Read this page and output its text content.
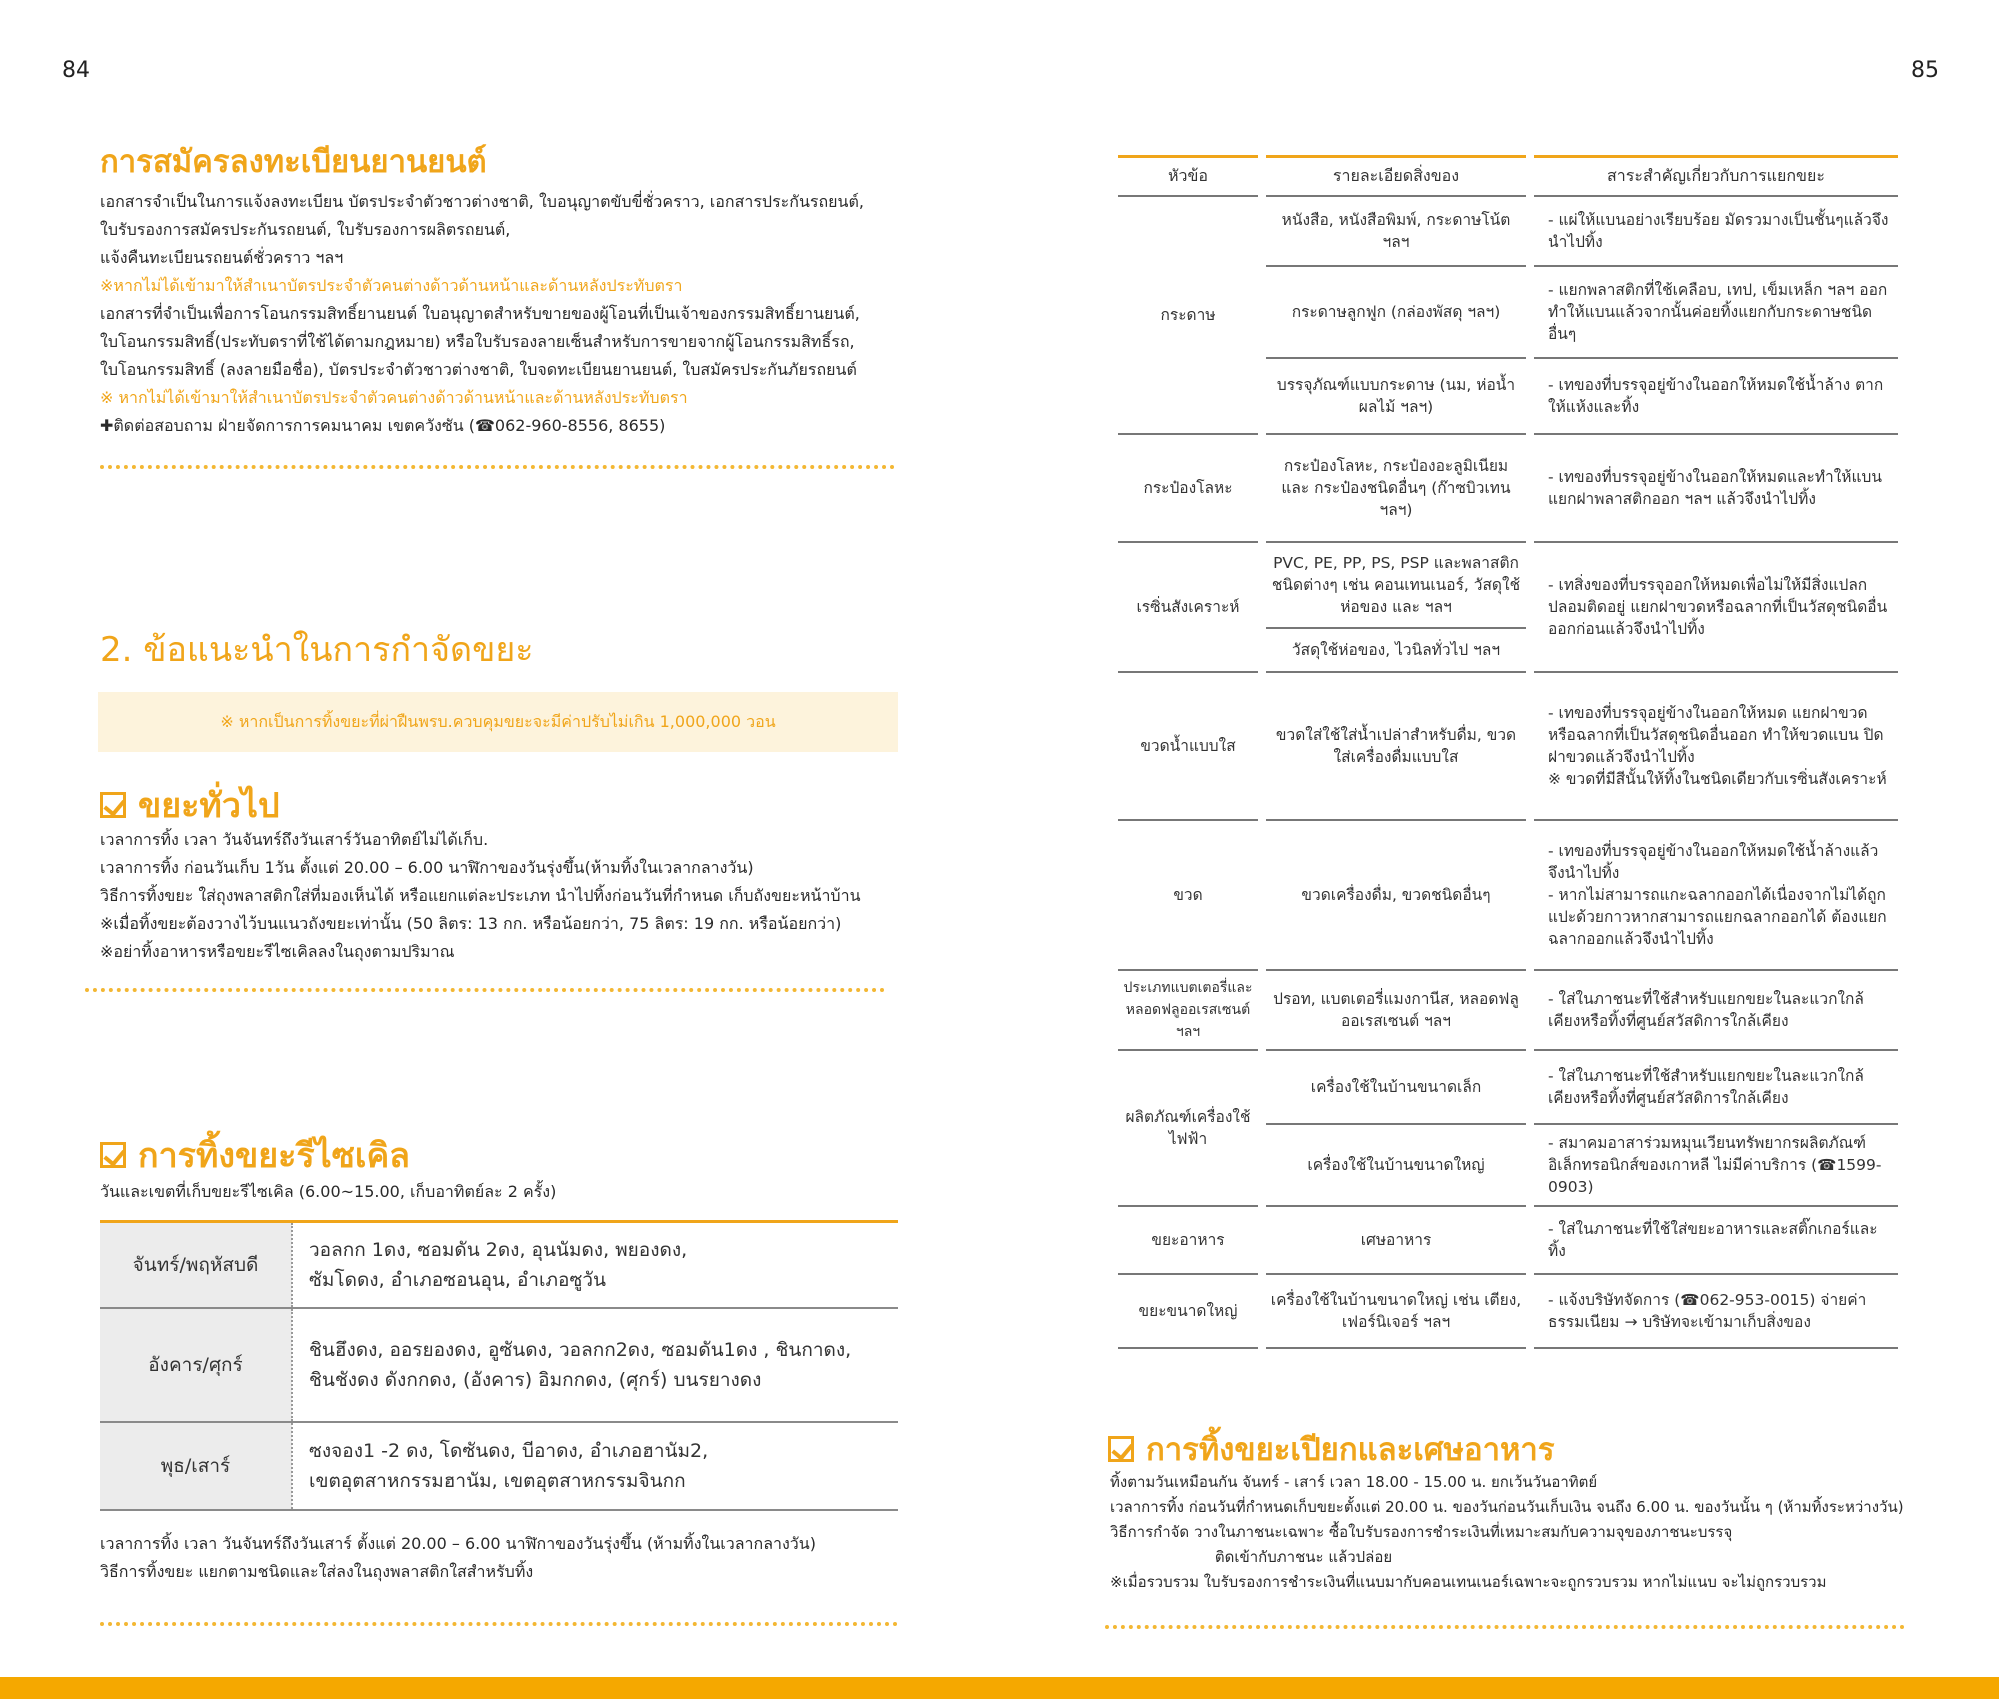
84	85
การสมัครลงทะเบียนยานยนต์
เอกสารจำเป็นในการแจ้งลงทะเบียน บัตรประจำตัวชาวต่างชาติ, ใบอนุญาตขับขี่ชั่วคราว, เอกสารประกันรถยนต์,
ใบรับรองการสมัครประกันรถยนต์, ใบรับรองการผลิตรถยนต์,
แจ้งคืนทะเบียนรถยนต์ชั่วคราว ฯลฯ
※หากไม่ได้เข้ามาให้สำเนาบัตรประจำตัวคนต่างด้าวด้านหน้าและด้านหลังประทับตรา
เอกสารที่จำเป็นเพื่อการโอนกรรมสิทธิ์ยานยนต์ ใบอนุญาตสำหรับขายของผู้โอนที่เป็นเจ้าของกรรมสิทธิ์ยานยนต์,
ใบโอนกรรมสิทธิ์(ประทับตราที่ใช้ได้ตามกฎหมาย) หรือใบรับรองลายเซ็นสำหรับการขายจากผู้โอนกรรมสิทธิ์รถ,
ใบโอนกรรมสิทธิ์ (ลงลายมือชื่อ), บัตรประจำตัวชาวต่างชาติ, ใบจดทะเบียนยานยนต์, ใบสมัครประกันภัยรถยนต์
※ หากไม่ได้เข้ามาให้สำเนาบัตรประจำตัวคนต่างด้าวด้านหน้าและด้านหลังประทับตรา
✚ติดต่อสอบถาม ฝ่ายจัดการการคมนาคม เขตควังซัน (☎062-960-8556, 8655)
2. ข้อแนะนำในการกำจัดขยะ
※ หากเป็นการทิ้งขยะที่ผ่าฝืนพรบ.ควบคุมขยะจะมีค่าปรับไม่เกิน 1,000,000 วอน
ขยะทั่วไป
เวลาการทิ้ง เวลา วันจันทร์ถึงวันเสาร์วันอาทิตย์ไม่ได้เก็บ.
เวลาการทิ้ง ก่อนวันเก็บ 1วัน ตั้งแต่ 20.00 – 6.00 นาฬิกาของวันรุ่งขึ้น(ห้ามทิ้งในเวลากลางวัน)
วิธีการทิ้งขยะ ใส่ถุงพลาสติกใส่ที่มองเห็นได้ หรือแยกแต่ละประเภท นำไปทิ้งก่อนวันที่กำหนด เก็บถังขยะหน้าบ้าน
※เมื่อทิ้งขยะต้องวางไว้บนแนวถังขยะเท่านั้น (50 ลิตร: 13 กก. หรือน้อยกว่า, 75 ลิตร: 19 กก. หรือน้อยกว่า)
※อย่าทิ้งอาหารหรือขยะรีไซเคิลลงในถุงตามปริมาณ
การทิ้งขยะรีไซเคิล
วันและเขตที่เก็บขยะรีไซเคิล (6.00~15.00, เก็บอาทิตย์ละ 2 ครั้ง)
จันทร์/พฤหัสบดี	วอลกก 1ดง, ซอมดัน 2ดง, อุนนัมดง, พยองดง,
ซัมโดดง, อำเภอซอนอุน, อำเภอซูวัน

อังคาร/ศุกร์	ชินฮึงดง, ออรยองดง, อูซันดง, วอลกก2ดง, ซอมดัน1ดง , ชินกาดง,
ชินชังดง ดังกกดง, (อังคาร) อิมกกดง, (ศุกร์) บนรยางดง

พุธ/เสาร์	ซงจอง1 -2 ดง, โดซันดง, บีอาดง, อำเภอฮานัม2,
เขตอุตสาหกรรมฮานัม, เขตอุตสาหกรรมจินกก
เวลาการทิ้ง เวลา วันจันทร์ถึงวันเสาร์ ตั้งแต่ 20.00 – 6.00 นาฬิกาของวันรุ่งขึ้น (ห้ามทิ้งในเวลากลางวัน)
วิธีการทิ้งขยะ แยกตามชนิดและใส่ลงในถุงพลาสติกใสสำหรับทิ้ง
หัวข้อ	รายละเอียดสิ่งของ	สาระสำคัญเกี่ยวกับการแยกขยะ
กระดาษ	หนังสือ, หนังสือพิมพ์, กระดาษโน้ต ฯลฯ	- แผ่ให้แบนอย่างเรียบร้อย มัดรวมางเป็นชั้นๆแล้วจึงนำไปทิ้ง
	กระดาษลูกฟูก (กล่องพัสดุ ฯลฯ)	- แยกพลาสติกที่ใช้เคลือบ, เทป, เข็มเหล็ก ฯลฯ ออกทำให้แบนแล้วจากนั้นค่อยทิ้งแยกกับกระดาษชนิดอื่นๆ
	บรรจุภัณฑ์แบบกระดาษ (นม, ห่อน้ำผลไม้ ฯลฯ)	- เทของที่บรรจุอยู่ข้างในออกให้หมดใช้น้ำล้าง ตากให้แห้งและทิ้ง
กระป๋องโลหะ	กระป๋องโลหะ, กระป๋องอะลูมิเนียม และ กระป๋องชนิดอื่นๆ (ก๊าซบิวเทน ฯลฯ)	- เทของที่บรรจุอยู่ข้างในออกให้หมดและทำให้แบน แยกฝาพลาสติกออก ฯลฯ แล้วจึงนำไปทิ้ง
เรซิ่นสังเคราะห์	PVC, PE, PP, PS, PSP และพลาสติก ชนิดต่างๆ เช่น คอนเทนเนอร์, วัสดุใช้ห่อของ และ ฯลฯ	- เทสิ่งของที่บรรจุออกให้หมดเพื่อไม่ให้มีสิ่งแปลกปลอมติดอยู่ แยกฝาขวดหรือฉลากที่เป็นวัสดุชนิดอื่นออกก่อนแล้วจึงนำไปทิ้ง
	วัสดุใช้ห่อของ, ไวนิลทั่วไป ฯลฯ	
ขวดน้ำแบบใส	ขวดใส่ใช้ใส่น้ำเปล่าสำหรับดื่ม, ขวดใส่เครื่องดื่มแบบใส	- เทของที่บรรจุอยู่ข้างในออกให้หมด แยกฝาขวดหรือฉลากที่เป็นวัสดุชนิดอื่นออก ทำให้ขวดแบน ปิดฝาขวดแล้วจึงนำไปทิ้ง
※ ขวดที่มีสีนั้นให้ทิ้งในชนิดเดียวกับเรซิ่นสังเคราะห์

ขวด	ขวดเครื่องดื่ม, ขวดชนิดอื่นๆ	- เทของที่บรรจุอยู่ข้างในออกให้หมดใช้น้ำล้างแล้วจึงนำไปทิ้ง
- หากไม่สามารถแกะฉลากออกได้เนื่องจากไม่ได้ถูกแปะด้วยกาวหากสามารถแยกฉลากออกได้ ต้องแยกฉลากออกแล้วจึงนำไปทิ้ง

ประเภทแบตเตอรี่และหลอดฟลูออเรสเซนต์ ฯลฯ	ปรอท, แบตเตอรี่แมงกานีส, หลอดฟลูออเรสเซนต์ ฯลฯ	- ใส่ในภาชนะที่ใช้สำหรับแยกขยะในละแวกใกล้เคียงหรือทิ้งที่ศูนย์สวัสดิการใกล้เคียง
ผลิตภัณฑ์เครื่องใช้ไฟฟ้า	เครื่องใช้ในบ้านขนาดเล็ก	- ใส่ในภาชนะที่ใช้สำหรับแยกขยะในละแวกใกล้เคียงหรือทิ้งที่ศูนย์สวัสดิการใกล้เคียง
	เครื่องใช้ในบ้านขนาดใหญ่	- สมาคมอาสาร่วมหมุนเวียนทรัพยากรผลิตภัณฑ์อิเล็กทรอนิกส์ของเกาหลี ไม่มีค่าบริการ (☎1599-0903)
ขยะอาหาร	เศษอาหาร	- ใส่ในภาชนะที่ใช้ใส่ขยะอาหารและสติ๊กเกอร์และทิ้ง
ขยะขนาดใหญ่	เครื่องใช้ในบ้านขนาดใหญ่ เช่น เตียง, เฟอร์นิเจอร์ ฯลฯ	- แจ้งบริษัทจัดการ (☎062-953-0015) จ่ายค่าธรรมเนียม → บริษัทจะเข้ามาเก็บสิ่งของ
การทิ้งขยะเปียกและเศษอาหาร
ทิ้งตามวันเหมือนกัน จันทร์ - เสาร์ เวลา 18.00 - 15.00 น. ยกเว้นวันอาทิตย์
เวลาการทิ้ง ก่อนวันที่กำหนดเก็บขยะตั้งแต่ 20.00 น. ของวันก่อนวันเก็บเงิน จนถึง 6.00 น. ของวันนั้น ๆ (ห้ามทิ้งระหว่างวัน)
วิธีการกำจัด วางในภาชนะเฉพาะ ซื้อใบรับรองการชำระเงินที่เหมาะสมกับความจุของภาชนะบรรจุ
ติดเข้ากับภาชนะ แล้วปล่อย
※เมื่อรวบรวม ใบรับรองการชำระเงินที่แนบมากับคอนเทนเนอร์เฉพาะจะถูกรวบรวม หากไม่แนบ จะไม่ถูกรวบรวม
